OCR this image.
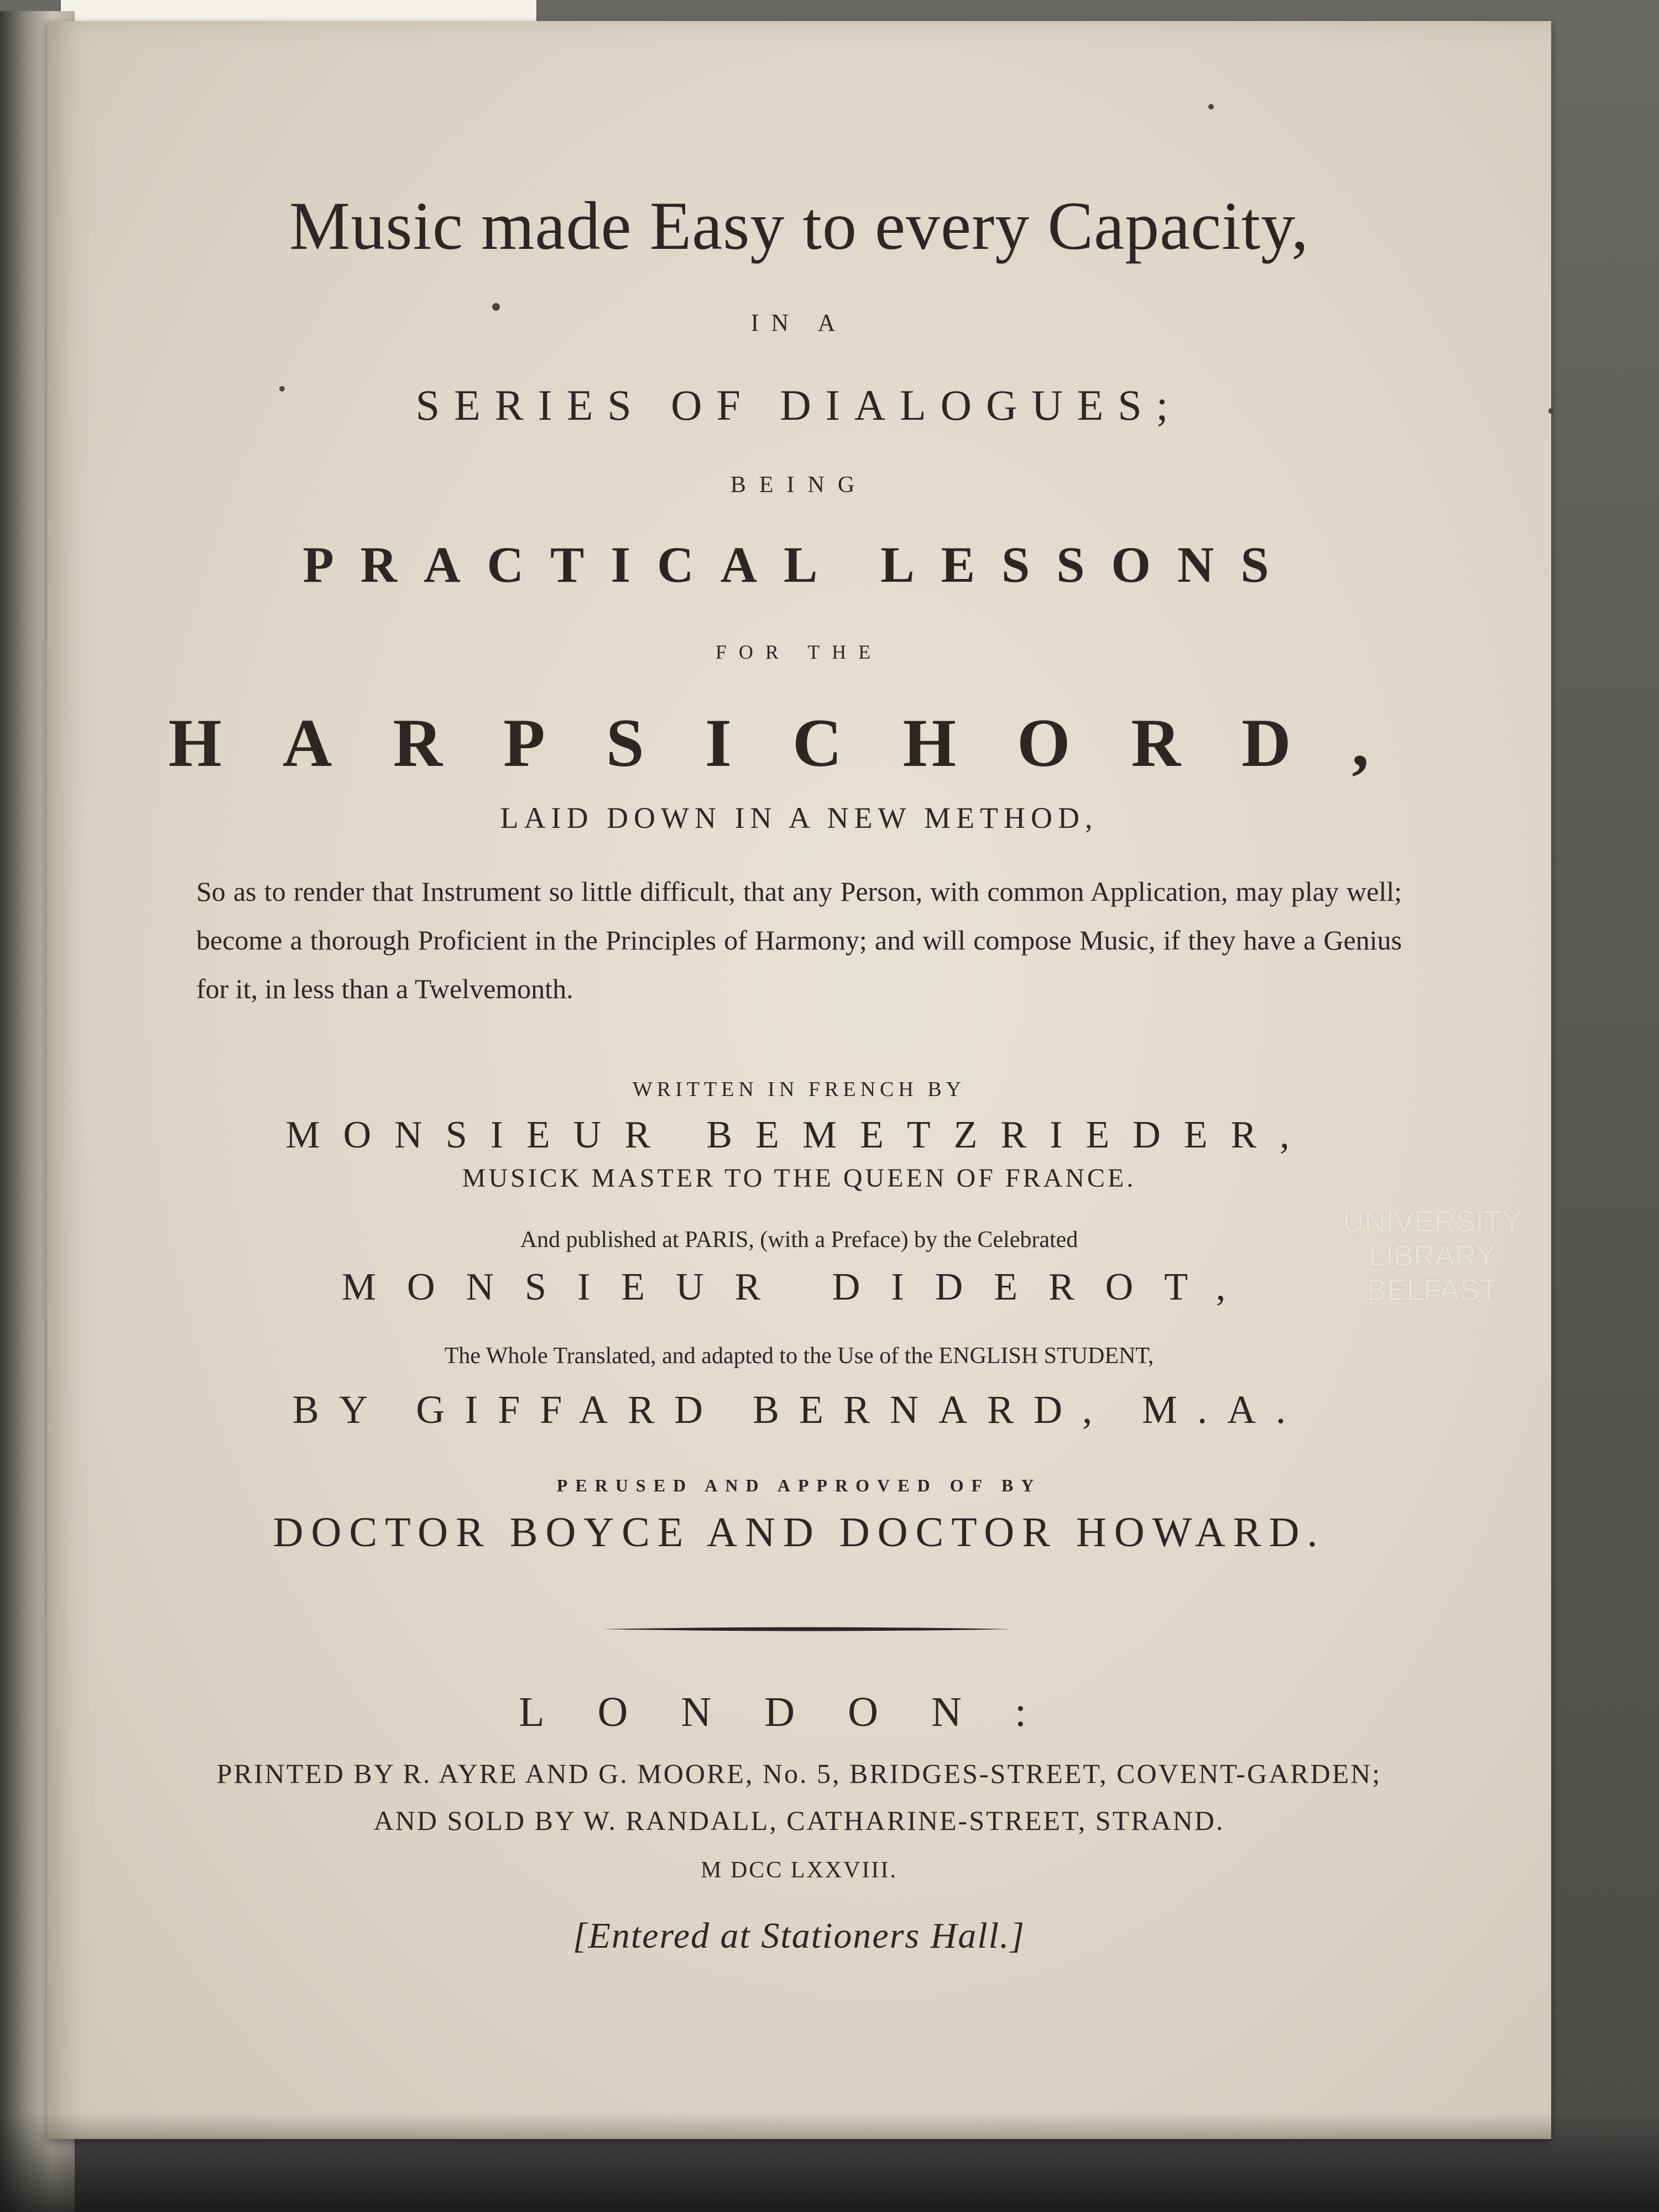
Music made Easy to every Capacity,
IN A
SERIES OF DIALOGUES;
BEING
PRACTICAL LESSONS
FOR THE
HARPSICHORD,
LAID DOWN IN A NEW METHOD,
So as to render that Instrument so little difficult, that any Person, with common Application, may play well; become a thorough Proficient in the Principles of Harmony; and will compose Music, if they have a Genius for it, in less than a Twelvemonth.
WRITTEN IN FRENCH BY
MONSIEUR BEMETZRIEDER,
MUSICK MASTER TO THE QUEEN OF FRANCE.
And published at PARIS, (with a Preface) by the Celebrated
MONSIEUR DIDEROT,
The Whole Translated, and adapted to the Use of the ENGLISH STUDENT,
BY GIFFARD BERNARD, M.A.
PERUSED AND APPROVED OF BY
DOCTOR BOYCE AND DOCTOR HOWARD.
LONDON:
PRINTED BY R. AYRE AND G. MOORE, No. 5, BRIDGES-STREET, COVENT-GARDEN;
AND SOLD BY W. RANDALL, CATHARINE-STREET, STRAND.
M DCC LXXVIII.
[Entered at Stationers Hall.]
UNIVERSITY
LIBRARY
BELFAST
